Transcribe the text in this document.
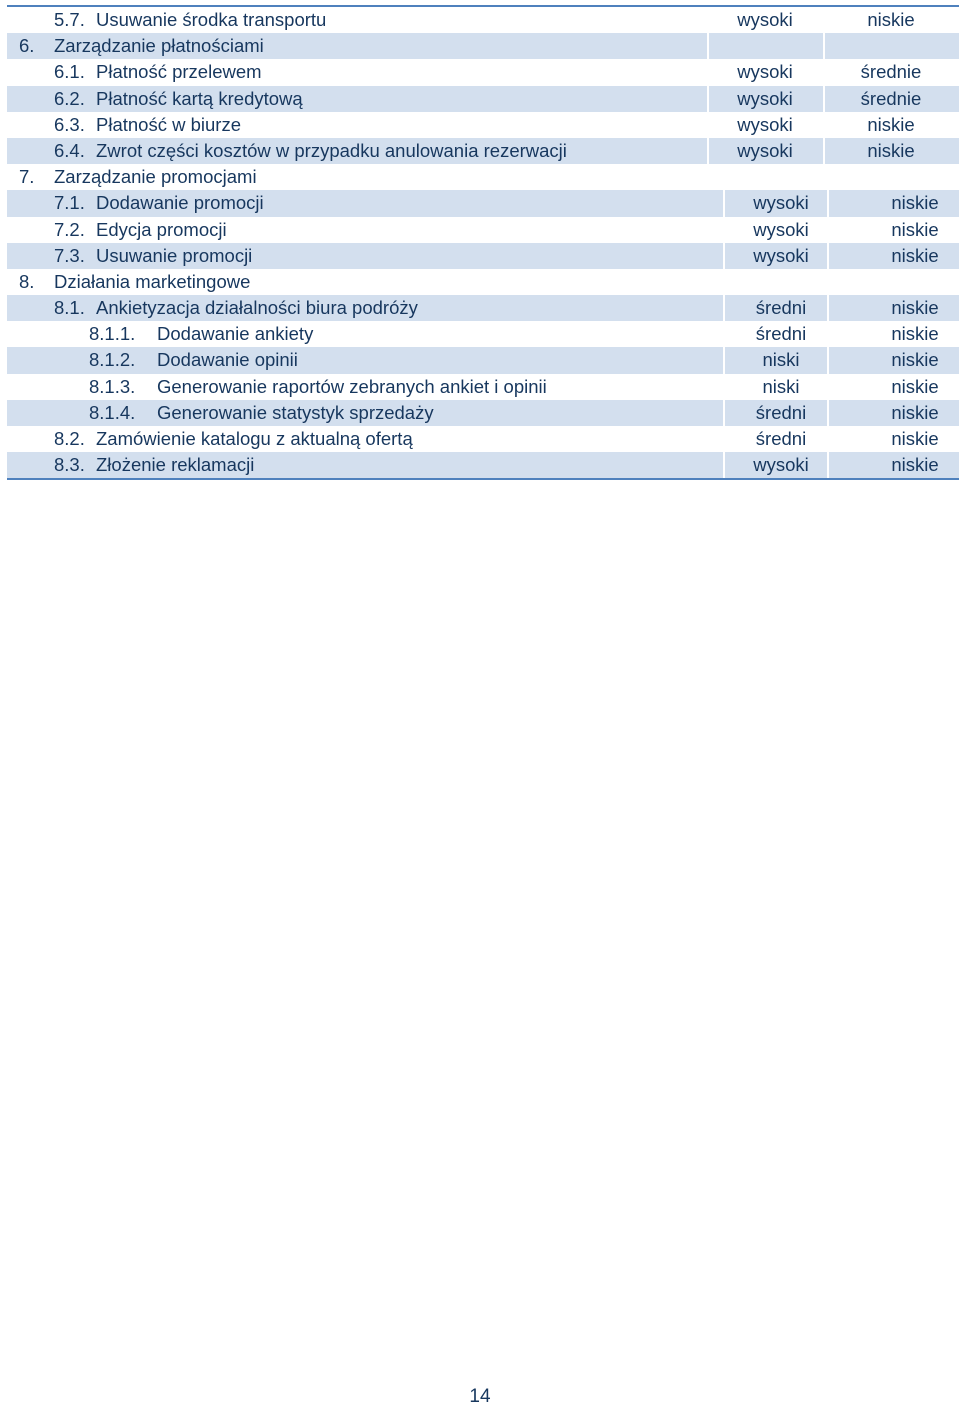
5.7. Usuwanie środka transportu	wysoki	niskie
6. Zarządzanie płatnościami
6.1. Płatność przelewem	wysoki	średnie
6.2. Płatność kartą kredytową	wysoki	średnie
6.3. Płatność w biurze	wysoki	niskie
6.4. Zwrot części kosztów w przypadku anulowania rezerwacji	wysoki	niskie
7. Zarządzanie promocjami
7.1. Dodawanie promocji	wysoki	niskie
7.2. Edycja promocji	wysoki	niskie
7.3. Usuwanie promocji	wysoki	niskie
8. Działania marketingowe
8.1. Ankietyzacja działalności biura podróży	średni	niskie
8.1.1. Dodawanie ankiety	średni	niskie
8.1.2. Dodawanie opinii	niski	niskie
8.1.3. Generowanie raportów zebranych ankiet i opinii	niski	niskie
8.1.4. Generowanie statystyk sprzedaży	średni	niskie
8.2. Zamówienie katalogu z aktualną ofertą	średni	niskie
8.3. Złożenie reklamacji	wysoki	niskie
14
